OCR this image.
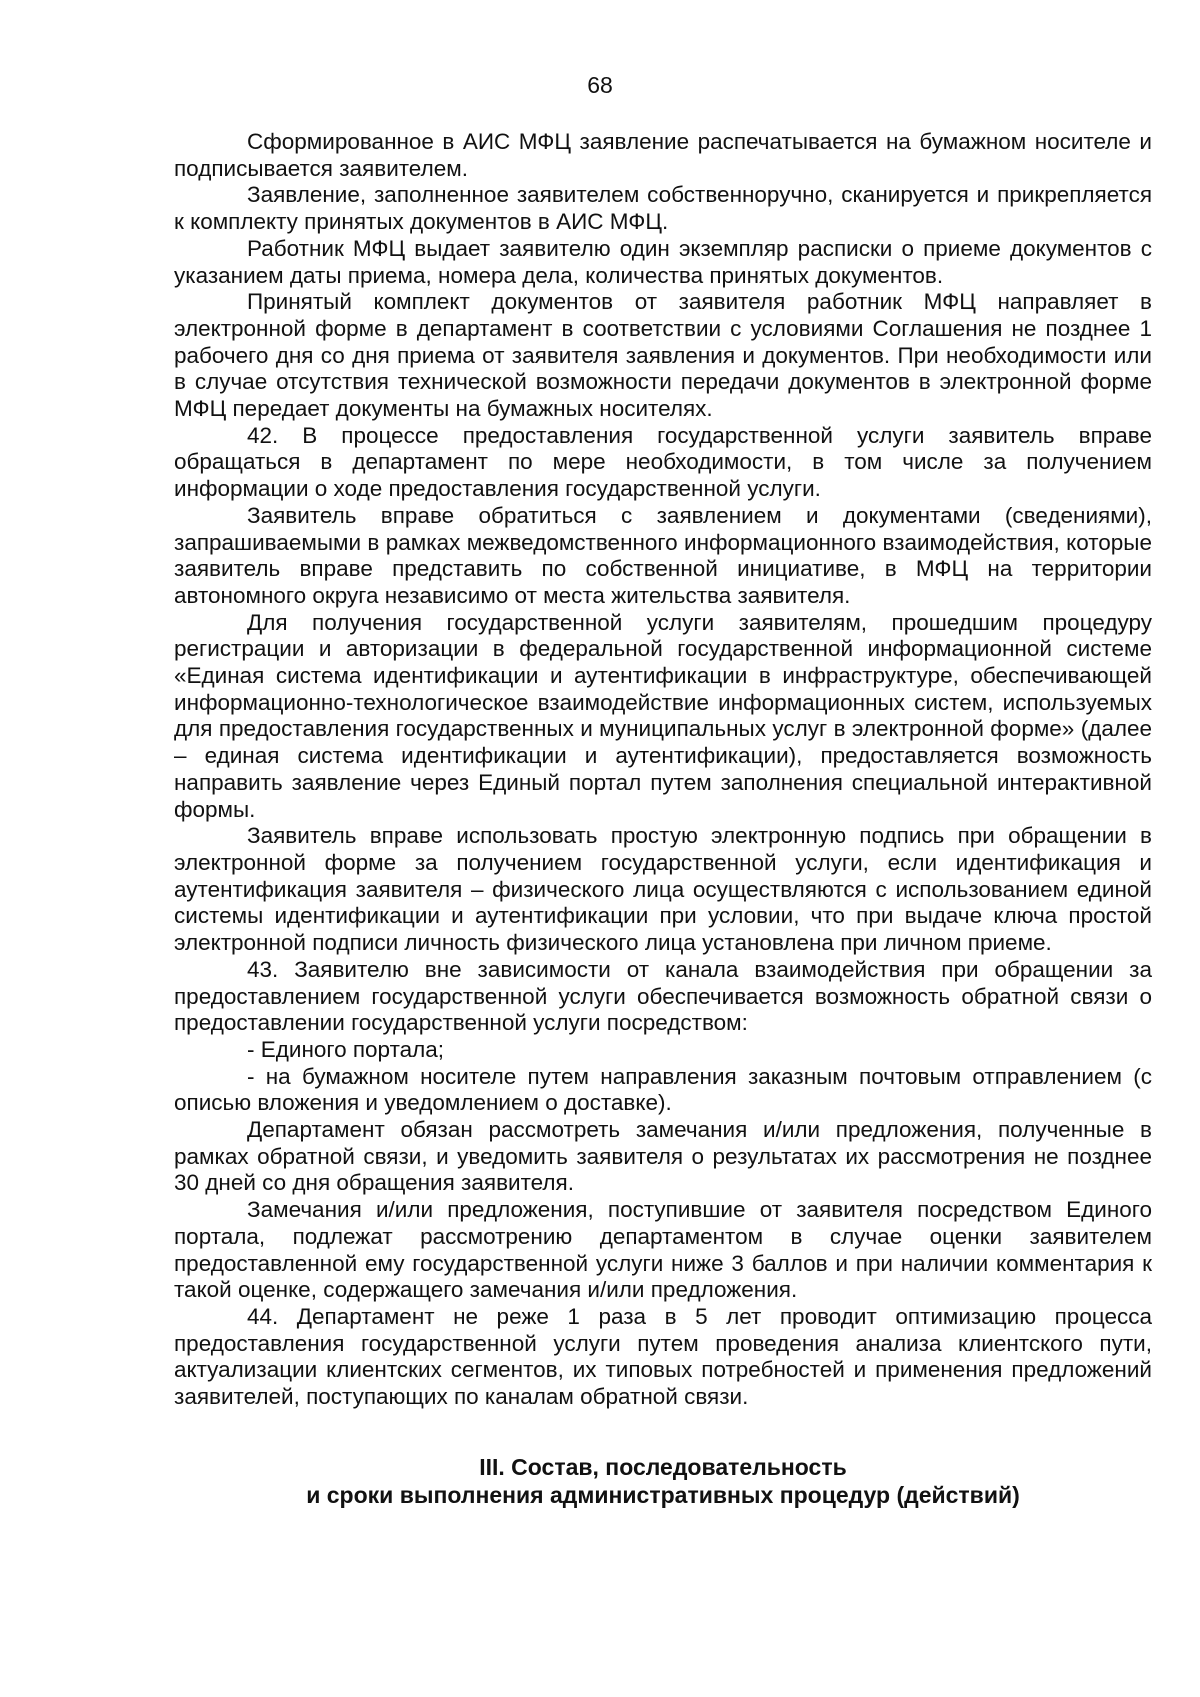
68

Сформированное в АИС МФЦ заявление распечатывается на бумажном носителе и подписывается заявителем.

Заявление, заполненное заявителем собственноручно, сканируется и прикрепляется к комплекту принятых документов в АИС МФЦ.

Работник МФЦ выдает заявителю один экземпляр расписки о приеме документов с указанием даты приема, номера дела, количества принятых документов.

Принятый комплект документов от заявителя работник МФЦ направляет в электронной форме в департамент в соответствии с условиями Соглашения не позднее 1 рабочего дня со дня приема от заявителя заявления и документов. При необходимости или в случае отсутствия технической возможности передачи документов в электронной форме МФЦ передает документы на бумажных носителях.

42. В процессе предоставления государственной услуги заявитель вправе обращаться в департамент по мере необходимости, в том числе за получением информации о ходе предоставления государственной услуги.

Заявитель вправе обратиться с заявлением и документами (сведениями), запрашиваемыми в рамках межведомственного информационного взаимодействия, которые заявитель вправе представить по собственной инициативе, в МФЦ на территории автономного округа независимо от места жительства заявителя.

Для получения государственной услуги заявителям, прошедшим процедуру регистрации и авторизации в федеральной государственной информационной системе «Единая система идентификации и аутентификации в инфраструктуре, обеспечивающей информационно-технологическое взаимодействие информационных систем, используемых для предоставления государственных и муниципальных услуг в электронной форме» (далее – единая система идентификации и аутентификации), предоставляется возможность направить заявление через Единый портал путем заполнения специальной интерактивной формы.

Заявитель вправе использовать простую электронную подпись при обращении в электронной форме за получением государственной услуги, если идентификация и аутентификация заявителя – физического лица осуществляются с использованием единой системы идентификации и аутентификации при условии, что при выдаче ключа простой электронной подписи личность физического лица установлена при личном приеме.

43. Заявителю вне зависимости от канала взаимодействия при обращении за предоставлением государственной услуги обеспечивается возможность обратной связи о предоставлении государственной услуги посредством:

- Единого портала;

- на бумажном носителе путем направления заказным почтовым отправлением (с описью вложения и уведомлением о доставке).

Департамент обязан рассмотреть замечания и/или предложения, полученные в рамках обратной связи, и уведомить заявителя о результатах их рассмотрения не позднее 30 дней со дня обращения заявителя.

Замечания и/или предложения, поступившие от заявителя посредством Единого портала, подлежат рассмотрению департаментом в случае оценки заявителем предоставленной ему государственной услуги ниже 3 баллов и при наличии комментария к такой оценке, содержащего замечания и/или предложения.

44. Департамент не реже 1 раза в 5 лет проводит оптимизацию процесса предоставления государственной услуги путем проведения анализа клиентского пути, актуализации клиентских сегментов, их типовых потребностей и применения предложений заявителей, поступающих по каналам обратной связи.

III. Состав, последовательность
и сроки выполнения административных процедур (действий)
